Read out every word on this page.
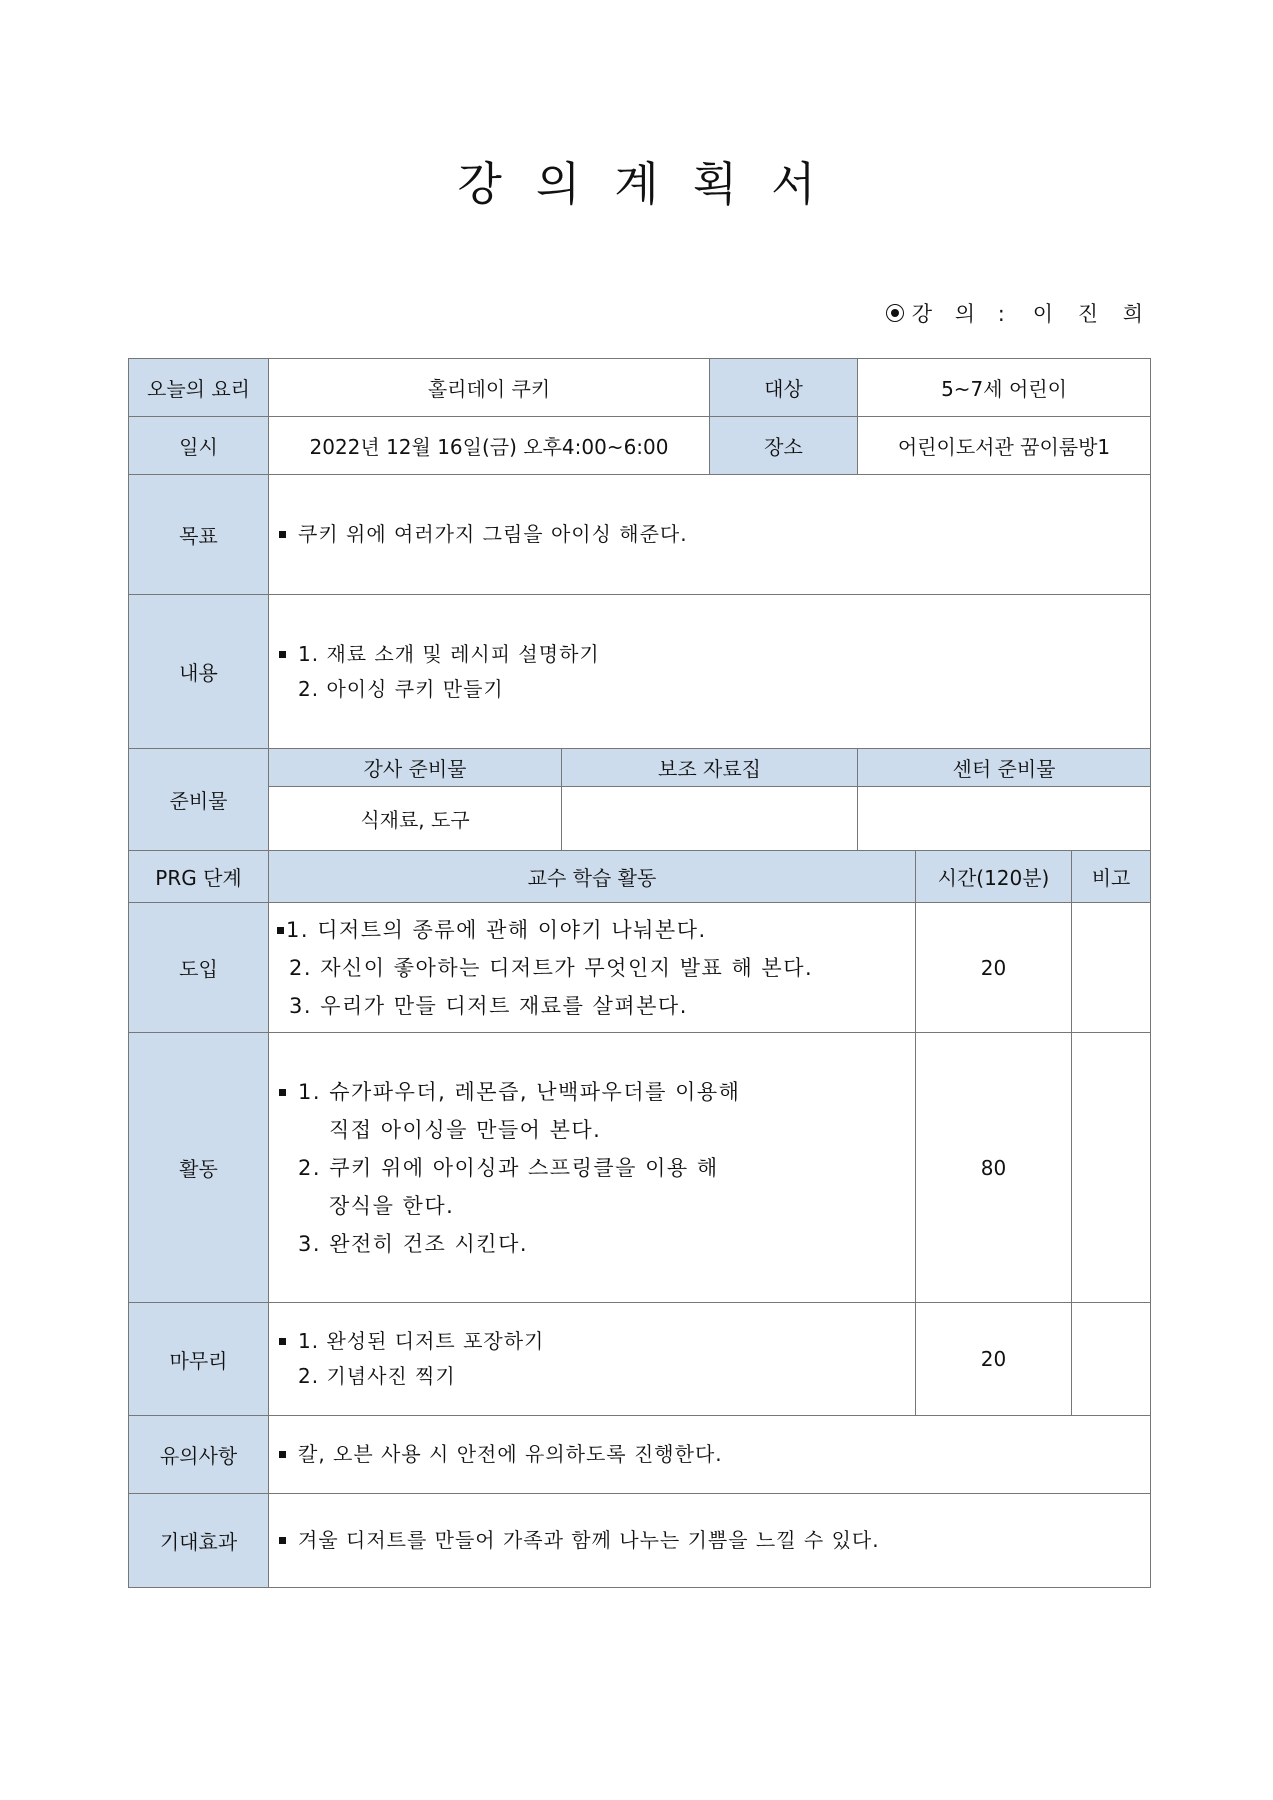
강 의 계 획 서
강 의 : 이 진 희
오늘의 요리	홀리데이 쿠키		대상	5~7세 어린이		
일시	2022년 12월 16일(금) 오후4:00~6:00		장소	어린이도서관 꿈이룸방1		
목표	쿠키 위에 여러가지 그림을 아이싱 해준다.					

내용	1. 재료 소개 및 레시피 설명하기
2. 아이싱 쿠키 만들기					

준비물	강사 준비물	보조 자료집		센터 준비물		
	식재료, 도구					
PRG 단계	교수 학습 활동				시간(120분)	비고
도입	1. 디저트의 종류에 관해 이야기 나눠본다.
2. 자신이 좋아하는 디저트가 무엇인지 발표 해 본다.
3. 우리가 만들 디저트 재료를 살펴본다.				20	
활동	1. 슈가파우더, 레몬즙, 난백파우더를 이용해
직접 아이싱을 만들어 본다.
2. 쿠키 위에 아이싱과 스프링클을 이용 해
장식을 한다.
3. 완전히 건조 시킨다.				80	
마무리	1. 완성된 디저트 포장하기
2. 기념사진 찍기				20	
유의사항	칼, 오븐 사용 시 안전에 유의하도록 진행한다.					

기대효과	겨울 디저트를 만들어 가족과 함께 나누는 기쁨을 느낄 수 있다.					
